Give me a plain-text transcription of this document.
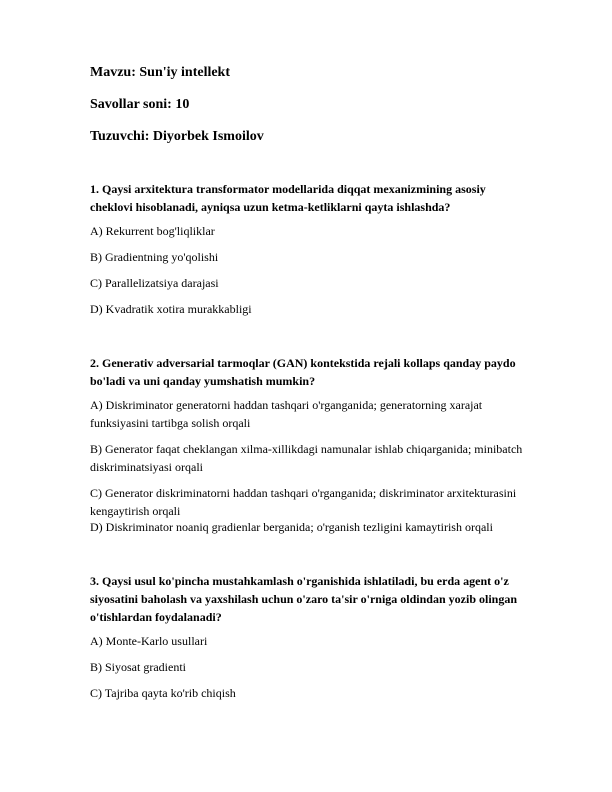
Mavzu: Sun'iy intellekt
Savollar soni: 10
Tuzuvchi: Diyorbek Ismoilov
1. Qaysi arxitektura transformator modellarida diqqat mexanizmining asosiy cheklovi hisoblanadi, ayniqsa uzun ketma-ketliklarni qayta ishlashda?
A) Rekurrent bog'liqliklar
B) Gradientning yo'qolishi
C) Parallelizatsiya darajasi
D) Kvadratik xotira murakkabligi
2. Generativ adversarial tarmoqlar (GAN) kontekstida rejali kollaps qanday paydo bo'ladi va uni qanday yumshatish mumkin?
A) Diskriminator generatorni haddan tashqari o'rganganida; generatorning xarajat funksiyasini tartibga solish orqali
B) Generator faqat cheklangan xilma-xillikdagi namunalar ishlab chiqarganida; minibatch diskriminatsiyasi orqali
C) Generator diskriminatorni haddan tashqari o'rganganida; diskriminator arxitekturasini kengaytirish orqali
D) Diskriminator noaniq gradienlar berganida; o'rganish tezligini kamaytirish orqali
3. Qaysi usul ko'pincha mustahkamlash o'rganishida ishlatiladi, bu erda agent o'z siyosatini baholash va yaxshilash uchun o'zaro ta'sir o'rniga oldindan yozib olingan o'tishlardan foydalanadi?
A) Monte-Karlo usullari
B) Siyosat gradienti
C) Tajriba qayta ko'rib chiqish
